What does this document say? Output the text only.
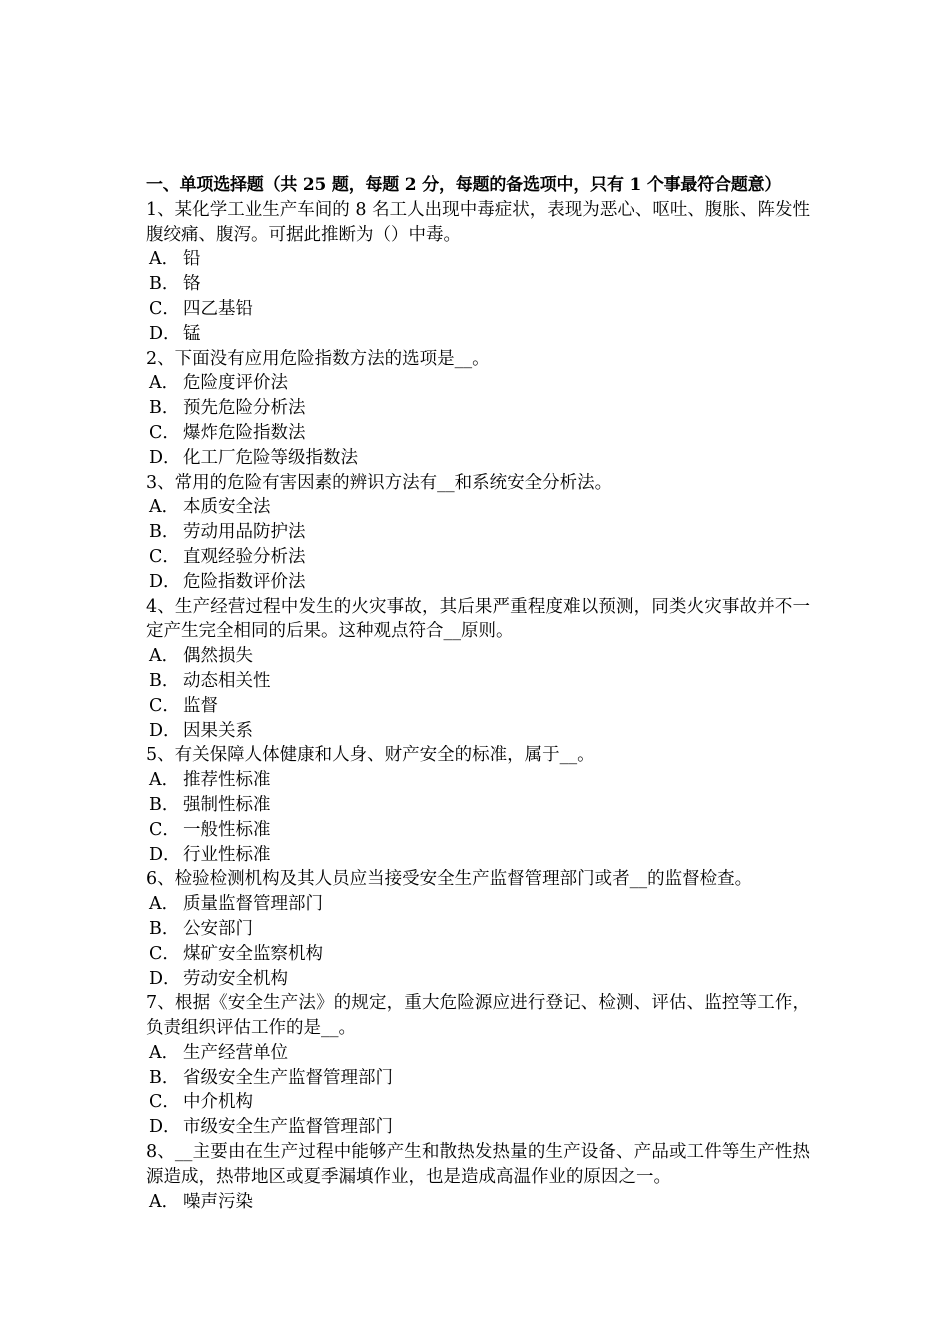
一、单项选择题（共 25 题，每题 2 分，每题的备选项中，只有 1 个事最符合题意）
1、某化学工业生产车间的 8 名工人出现中毒症状，表现为恶心、呕吐、腹胀、阵发性腹绞痛、腹泻。可据此推断为（）中毒。
A． 铅
B． 铬
C． 四乙基铅
D． 锰
2、下面没有应用危险指数方法的选项是__。
A． 危险度评价法
B． 预先危险分析法
C． 爆炸危险指数法
D． 化工厂危险等级指数法
3、常用的危险有害因素的辨识方法有__和系统安全分析法。
A． 本质安全法
B． 劳动用品防护法
C． 直观经验分析法
D． 危险指数评价法
4、生产经营过程中发生的火灾事故，其后果严重程度难以预测，同类火灾事故并不一定产生完全相同的后果。这种观点符合__原则。
A． 偶然损失
B． 动态相关性
C． 监督
D． 因果关系
5、有关保障人体健康和人身、财产安全的标准，属于__。
A． 推荐性标准
B． 强制性标准
C． 一般性标准
D． 行业性标准
6、检验检测机构及其人员应当接受安全生产监督管理部门或者__的监督检查。
A． 质量监督管理部门
B． 公安部门
C． 煤矿安全监察机构
D． 劳动安全机构
7、根据《安全生产法》的规定，重大危险源应进行登记、检测、评估、监控等工作，负责组织评估工作的是__。
A． 生产经营单位
B． 省级安全生产监督管理部门
C． 中介机构
D． 市级安全生产监督管理部门
8、__主要由在生产过程中能够产生和散热发热量的生产设备、产品或工件等生产性热源造成，热带地区或夏季漏填作业，也是造成高温作业的原因之一。
A． 噪声污染
